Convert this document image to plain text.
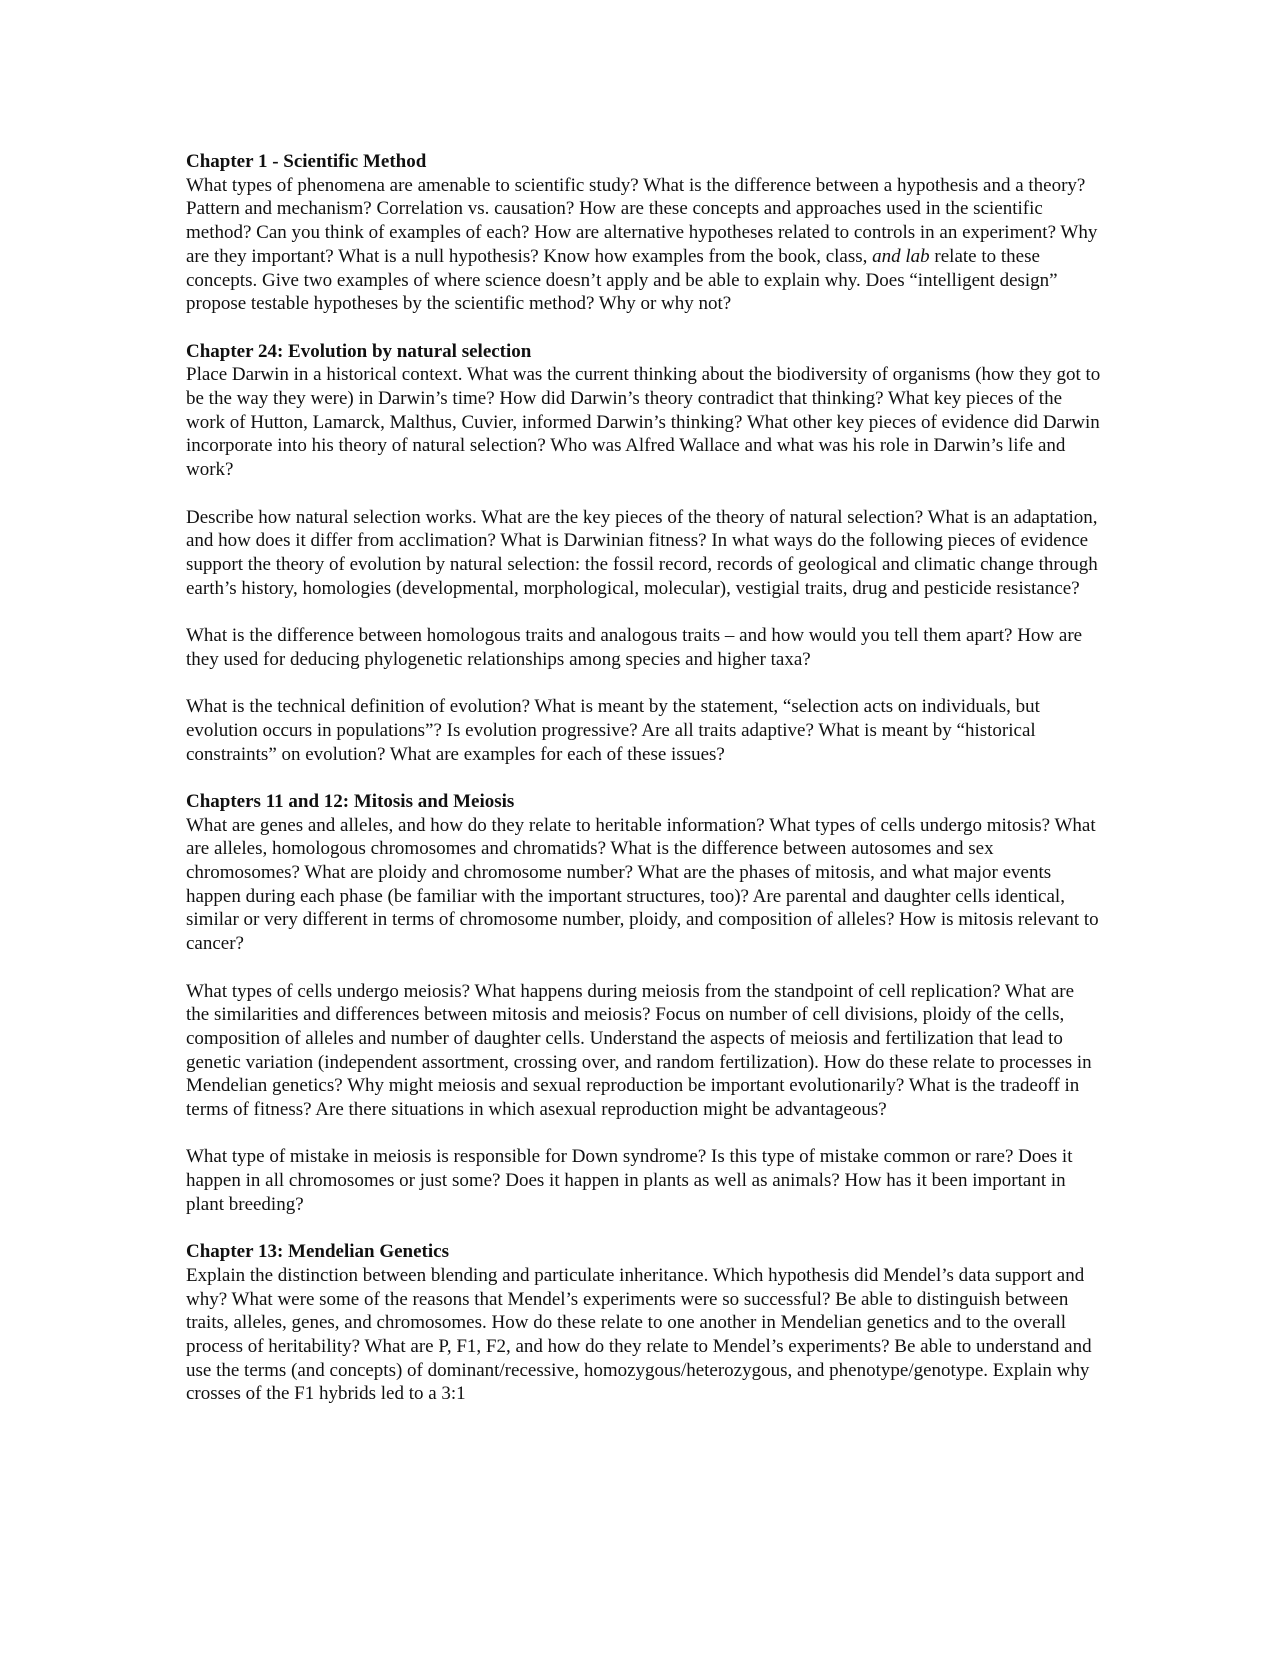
Chapter 1 - Scientific Method

What types of phenomena are amenable to scientific study? What is the difference between a hypothesis and a theory? Pattern and mechanism? Correlation vs. causation? How are these concepts and approaches used in the scientific method? Can you think of examples of each? How are alternative hypotheses related to controls in an experiment? Why are they important? What is a null hypothesis? Know how examples from the book, class, and lab relate to these concepts. Give two examples of where science doesn’t apply and be able to explain why. Does “intelligent design” propose testable hypotheses by the scientific method? Why or why not?

Chapter 24: Evolution by natural selection

Place Darwin in a historical context. What was the current thinking about the biodiversity of organisms (how they got to be the way they were) in Darwin’s time? How did Darwin’s theory contradict that thinking? What key pieces of the work of Hutton, Lamarck, Malthus, Cuvier, informed Darwin’s thinking? What other key pieces of evidence did Darwin incorporate into his theory of natural selection? Who was Alfred Wallace and what was his role in Darwin’s life and work?

Describe how natural selection works. What are the key pieces of the theory of natural selection? What is an adaptation, and how does it differ from acclimation? What is Darwinian fitness? In what ways do the following pieces of evidence support the theory of evolution by natural selection: the fossil record, records of geological and climatic change through earth’s history, homologies (developmental, morphological, molecular), vestigial traits, drug and pesticide resistance?

What is the difference between homologous traits and analogous traits – and how would you tell them apart? How are they used for deducing phylogenetic relationships among species and higher taxa?

What is the technical definition of evolution? What is meant by the statement, “selection acts on individuals, but evolution occurs in populations”? Is evolution progressive? Are all traits adaptive? What is meant by “historical constraints” on evolution? What are examples for each of these issues?

Chapters 11 and 12: Mitosis and Meiosis

What are genes and alleles, and how do they relate to heritable information? What types of cells undergo mitosis? What are alleles, homologous chromosomes and chromatids? What is the difference between autosomes and sex chromosomes? What are ploidy and chromosome number? What are the phases of mitosis, and what major events happen during each phase (be familiar with the important structures, too)? Are parental and daughter cells identical, similar or very different in terms of chromosome number, ploidy, and composition of alleles? How is mitosis relevant to cancer?

What types of cells undergo meiosis? What happens during meiosis from the standpoint of cell replication? What are the similarities and differences between mitosis and meiosis? Focus on number of cell divisions, ploidy of the cells, composition of alleles and number of daughter cells. Understand the aspects of meiosis and fertilization that lead to genetic variation (independent assortment, crossing over, and random fertilization). How do these relate to processes in Mendelian genetics? Why might meiosis and sexual reproduction be important evolutionarily? What is the tradeoff in terms of fitness? Are there situations in which asexual reproduction might be advantageous?

What type of mistake in meiosis is responsible for Down syndrome? Is this type of mistake common or rare? Does it happen in all chromosomes or just some? Does it happen in plants as well as animals? How has it been important in plant breeding?

Chapter 13: Mendelian Genetics

Explain the distinction between blending and particulate inheritance. Which hypothesis did Mendel’s data support and why? What were some of the reasons that Mendel’s experiments were so successful? Be able to distinguish between traits, alleles, genes, and chromosomes. How do these relate to one another in Mendelian genetics and to the overall process of heritability? What are P, F1, F2, and how do they relate to Mendel’s experiments? Be able to understand and use the terms (and concepts) of dominant/recessive, homozygous/heterozygous, and phenotype/genotype. Explain why crosses of the F1 hybrids led to a 3:1
